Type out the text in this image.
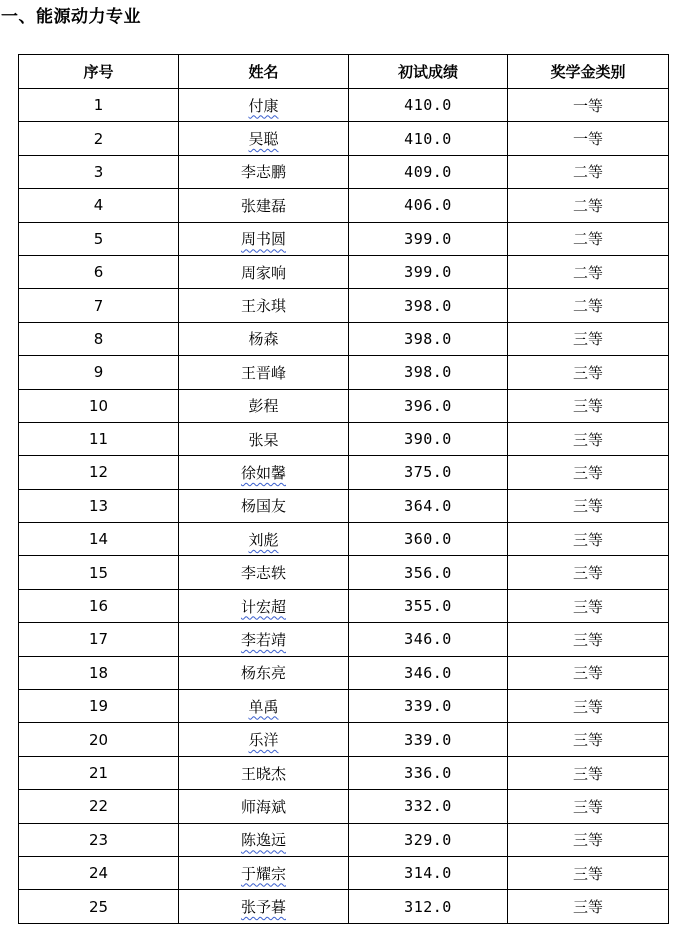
一、能源动力专业
序号	姓名	初试成绩	奖学金类别
1	付康	410.0	一等
2	吴聪	410.0	一等
3	李志鹏	409.0	二等
4	张建磊	406.0	二等
5	周书圆	399.0	二等
6	周家响	399.0	二等
7	王永琪	398.0	二等
8	杨森	398.0	三等
9	王晋峰	398.0	三等
10	彭程	396.0	三等
11	张杲	390.0	三等
12	徐如馨	375.0	三等
13	杨国友	364.0	三等
14	刘彪	360.0	三等
15	李志轶	356.0	三等
16	计宏超	355.0	三等
17	李若靖	346.0	三等
18	杨东亮	346.0	三等
19	单禹	339.0	三等
20	乐洋	339.0	三等
21	王晓杰	336.0	三等
22	师海斌	332.0	三等
23	陈逸远	329.0	三等
24	于耀宗	314.0	三等
25	张予暮	312.0	三等
